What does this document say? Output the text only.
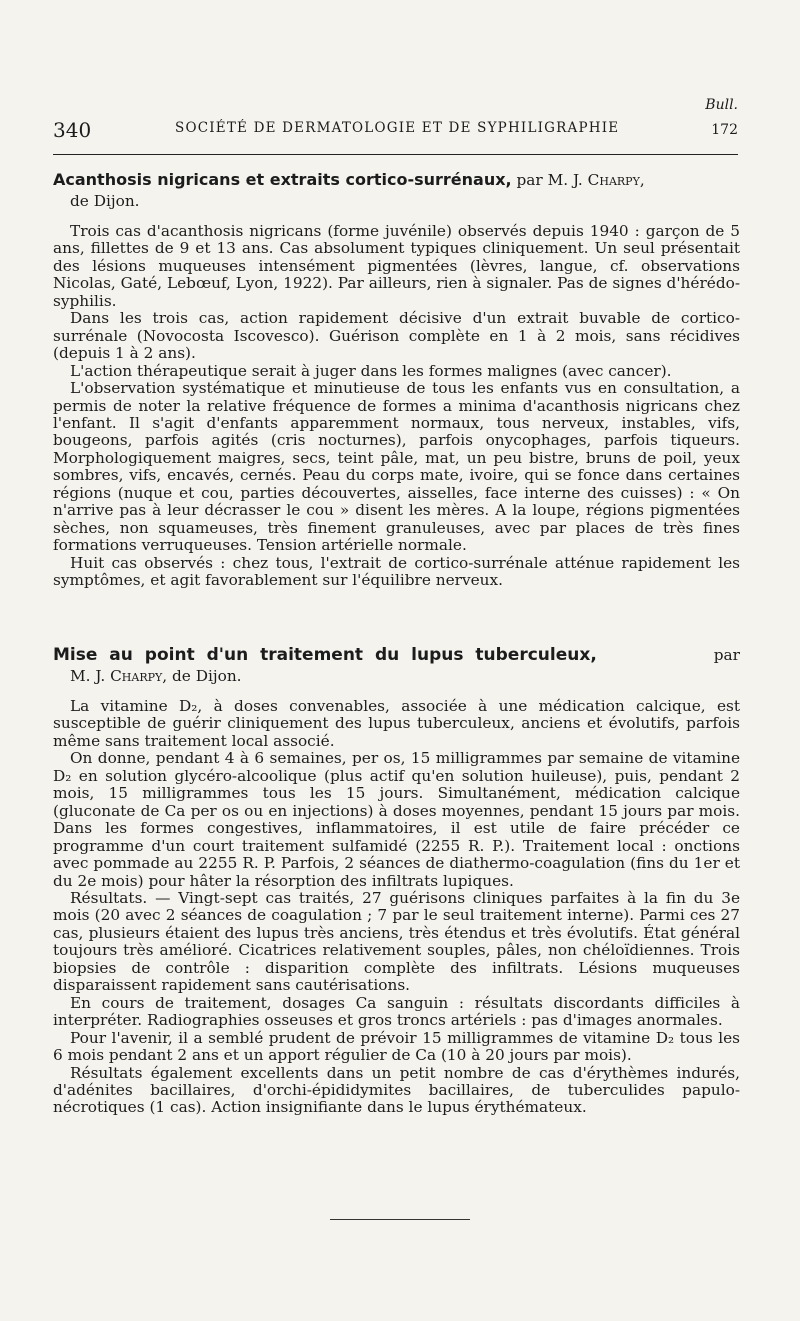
Bull.
340	SOCIÉTÉ DE DERMATOLOGIE ET DE SYPHILIGRAPHIE	172
Acanthosis nigricans et extraits cortico-surrénaux, par M. J. Charpy,
de Dijon.

Trois cas d'acanthosis nigricans (forme juvénile) observés depuis 1940 : garçon de 5 ans, fillettes de 9 et 13 ans. Cas absolument typiques cliniquement. Un seul présentait des lésions muqueuses intensément pigmentées (lèvres, langue, cf. observations Nicolas, Gaté, Lebœuf, Lyon, 1922). Par ailleurs, rien à signaler. Pas de signes d'hérédo-syphilis.

Dans les trois cas, action rapidement décisive d'un extrait buvable de cortico-surrénale (Novocosta Iscovesco). Guérison complète en 1 à 2 mois, sans récidives (depuis 1 à 2 ans).

L'action thérapeutique serait à juger dans les formes malignes (avec cancer).

L'observation systématique et minutieuse de tous les enfants vus en consultation, a permis de noter la relative fréquence de formes a minima d'acanthosis nigricans chez l'enfant. Il s'agit d'enfants apparemment normaux, tous nerveux, instables, vifs, bougeons, parfois agités (cris nocturnes), parfois onycophages, parfois tiqueurs. Morphologiquement maigres, secs, teint pâle, mat, un peu bistre, bruns de poil, yeux sombres, vifs, encavés, cernés. Peau du corps mate, ivoire, qui se fonce dans certaines régions (nuque et cou, parties découvertes, aisselles, face interne des cuisses) : « On n'arrive pas à leur décrasser le cou » disent les mères. A la loupe, régions pigmentées sèches, non squameuses, très finement granuleuses, avec par places de très fines formations verruqueuses. Tension artérielle normale.

Huit cas observés : chez tous, l'extrait de cortico-surrénale atténue rapidement les symptômes, et agit favorablement sur l'équilibre nerveux.

Mise au point d'un traitement du lupus tuberculeux,	par
M. J. Charpy, de Dijon.

La vitamine D₂, à doses convenables, associée à une médication calcique, est susceptible de guérir cliniquement des lupus tuberculeux, anciens et évolutifs, parfois même sans traitement local associé.

On donne, pendant 4 à 6 semaines, per os, 15 milligrammes par semaine de vitamine D₂ en solution glycéro-alcoolique (plus actif qu'en solution huileuse), puis, pendant 2 mois, 15 milligrammes tous les 15 jours. Simultanément, médication calcique (gluconate de Ca per os ou en injections) à doses moyennes, pendant 15 jours par mois. Dans les formes congestives, inflammatoires, il est utile de faire précéder ce programme d'un court traitement sulfamidé (2255 R. P.). Traitement local : onctions avec pommade au 2255 R. P. Parfois, 2 séances de diathermo-coagulation (fins du 1er et du 2e mois) pour hâter la résorption des infiltrats lupiques.

Résultats. — Vingt-sept cas traités, 27 guérisons cliniques parfaites à la fin du 3e mois (20 avec 2 séances de coagulation ; 7 par le seul traitement interne). Parmi ces 27 cas, plusieurs étaient des lupus très anciens, très étendus et très évolutifs. État général toujours très amélioré. Cicatrices relativement souples, pâles, non chéloïdiennes. Trois biopsies de contrôle : disparition complète des infiltrats. Lésions muqueuses disparaissent rapidement sans cautérisations.

En cours de traitement, dosages Ca sanguin : résultats discordants difficiles à interpréter. Radiographies osseuses et gros troncs artériels : pas d'images anormales.

Pour l'avenir, il a semblé prudent de prévoir 15 milligrammes de vitamine D₂ tous les 6 mois pendant 2 ans et un apport régulier de Ca (10 à 20 jours par mois).

Résultats également excellents dans un petit nombre de cas d'érythèmes indurés, d'adénites bacillaires, d'orchi-épididymites bacillaires, de tuberculides papulo-nécrotiques (1 cas). Action insignifiante dans le lupus érythémateux.
